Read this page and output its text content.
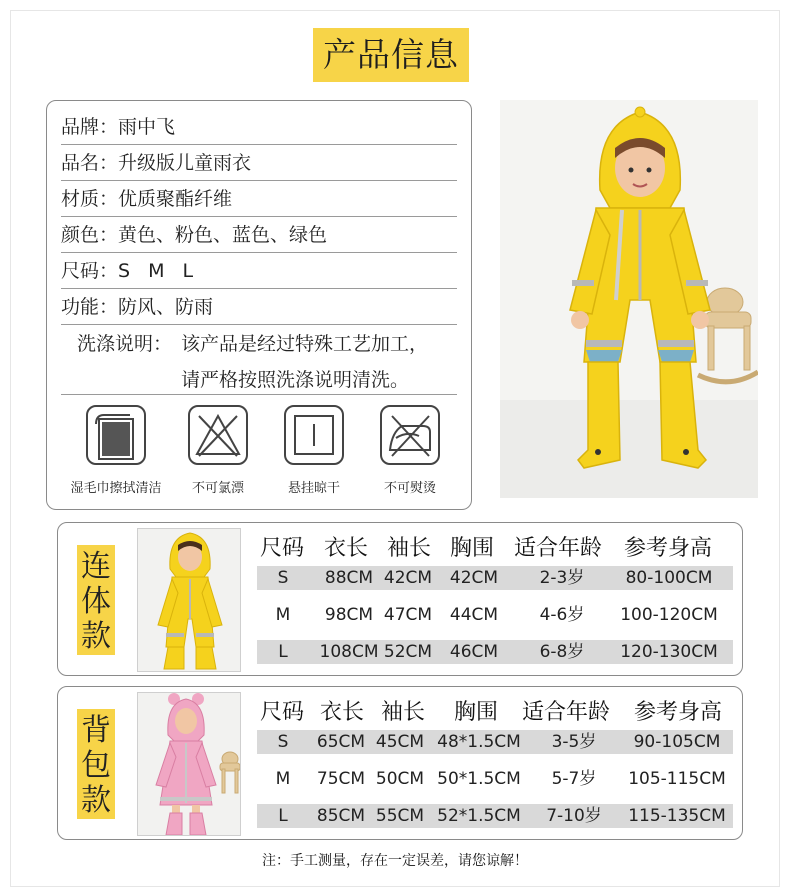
产品信息
品牌：雨中飞
品名：升级版儿童雨衣
材质：优质聚酯纤维
颜色：黄色、粉色、蓝色、绿色
尺码：S M L
功能：防风、防雨
洗涤说明： 该产品是经过特殊工艺加工，
请严格按照洗涤说明清洗。
湿毛巾擦拭清洁	不可氯漂	悬挂晾干	不可熨烫
连体款
尺码 衣长 袖长 胸围 适合年龄 参考身高
S	88CM 42CM	42CM	2-3岁	80-100CM
M	98CM 47CM	44CM	4-6岁	100-120CM
L	108CM 52CM	46CM	6-8岁	120-130CM
背包款
尺码 衣长 袖长 胸围 适合年龄 参考身高
S	65CM 45CM 48*1.5CM	3-5岁	90-105CM
M	75CM 50CM 50*1.5CM	5-7岁	105-115CM
L	85CM 55CM 52*1.5CM	7-10岁	115-135CM
注：手工测量，存在一定误差，请您谅解！
